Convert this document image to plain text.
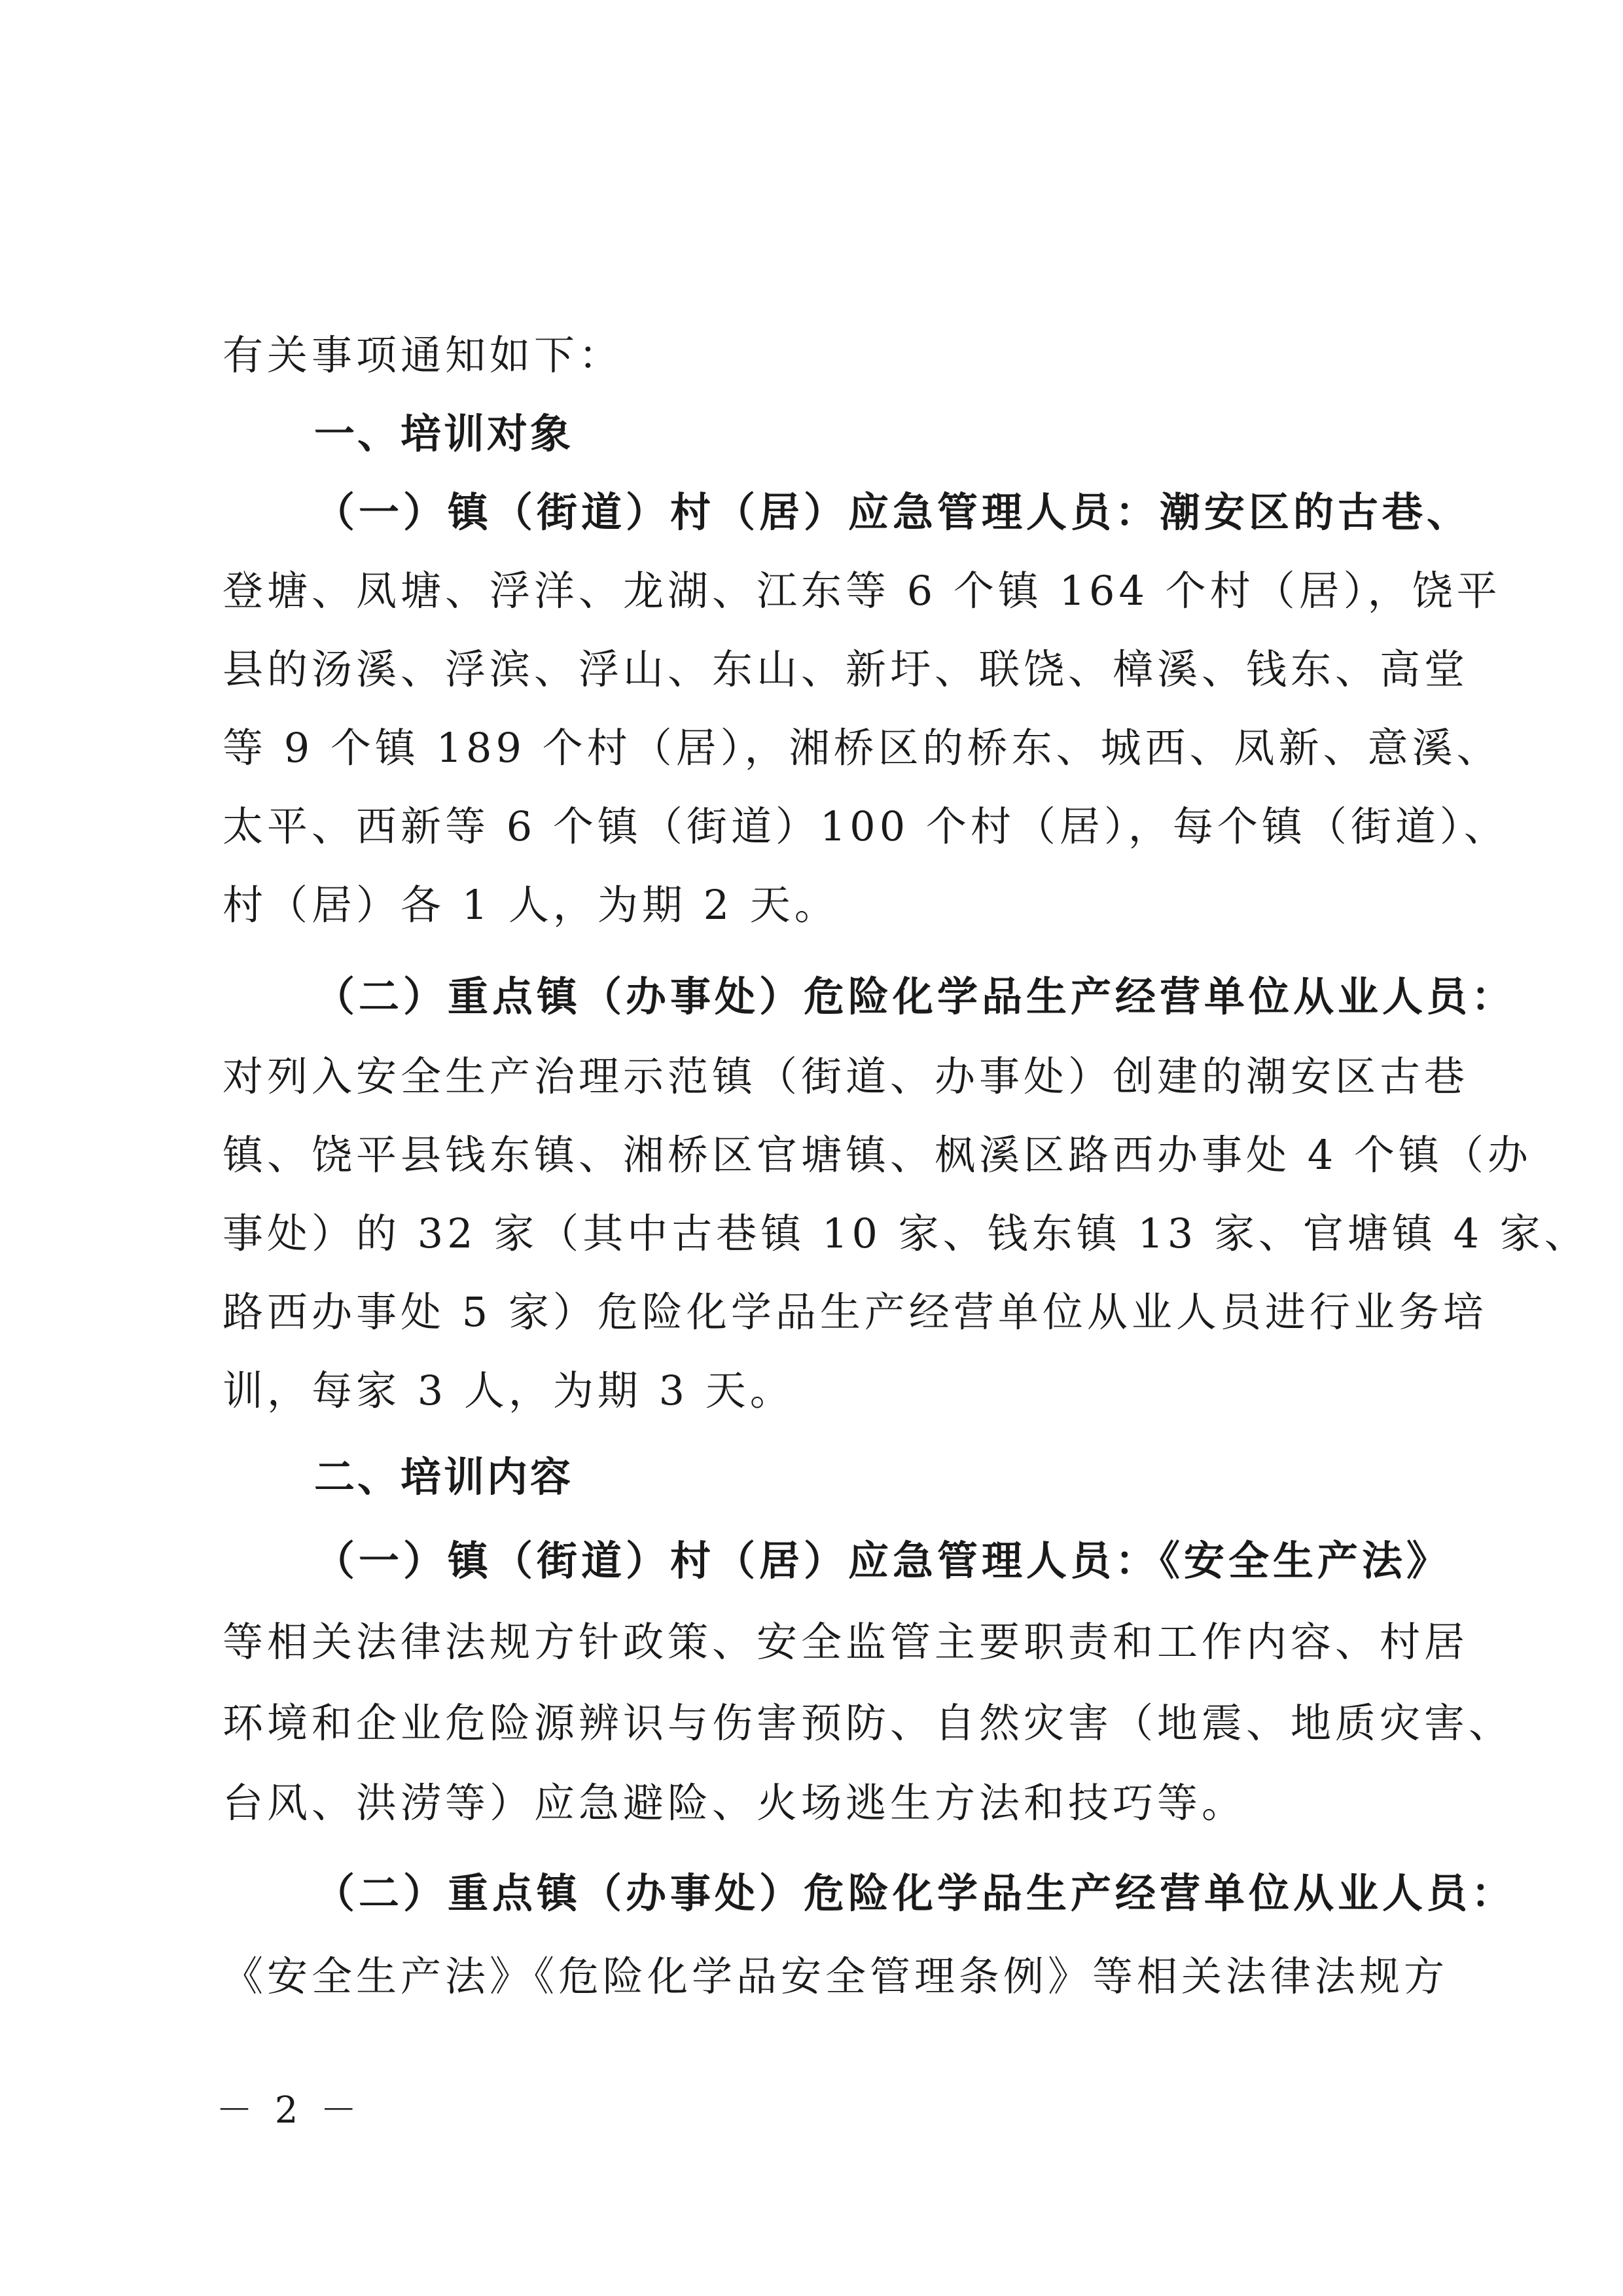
有关事项通知如下：
一、培训对象
（一）镇（街道）村（居）应急管理人员：潮安区的古巷、
登塘、凤塘、浮洋、龙湖、江东等 6 个镇 164 个村（居），饶平
县的汤溪、浮滨、浮山、东山、新圩、联饶、樟溪、钱东、高堂
等 9 个镇 189 个村（居），湘桥区的桥东、城西、凤新、意溪、
太平、西新等 6 个镇（街道）100 个村（居），每个镇（街道）、
村（居）各 1 人，为期 2 天。
（二）重点镇（办事处）危险化学品生产经营单位从业人员：
对列入安全生产治理示范镇（街道、办事处）创建的潮安区古巷
镇、饶平县钱东镇、湘桥区官塘镇、枫溪区路西办事处 4 个镇（办
事处）的 32 家（其中古巷镇 10 家、钱东镇 13 家、官塘镇 4 家、
路西办事处 5 家）危险化学品生产经营单位从业人员进行业务培
训，每家 3 人，为期 3 天。
二、培训内容
（一）镇（街道）村（居）应急管理人员：《安全生产法》
等相关法律法规方针政策、安全监管主要职责和工作内容、村居
环境和企业危险源辨识与伤害预防、自然灾害（地震、地质灾害、
台风、洪涝等）应急避险、火场逃生方法和技巧等。
（二）重点镇（办事处）危险化学品生产经营单位从业人员：
《安全生产法》《危险化学品安全管理条例》等相关法律法规方
－ 2 －
